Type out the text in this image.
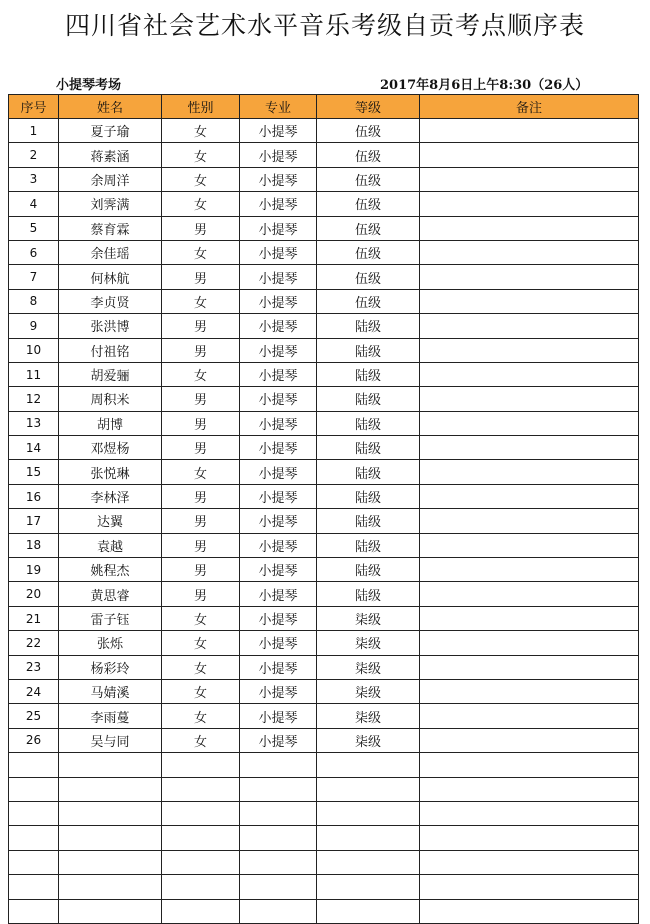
四川省社会艺术水平音乐考级自贡考点顺序表
小提琴考场	2017年8月6日上午8:30（26人）
序号	姓名	性别	专业	等级	备注
1	夏子瑜	女	小提琴	伍级	
2	蒋素涵	女	小提琴	伍级	
3	余周洋	女	小提琴	伍级	
4	刘霁满	女	小提琴	伍级	
5	蔡育霖	男	小提琴	伍级	
6	余佳瑶	女	小提琴	伍级	
7	何林航	男	小提琴	伍级	
8	李贞贤	女	小提琴	伍级	
9	张洪博	男	小提琴	陆级	
10	付祖铭	男	小提琴	陆级	
11	胡爱骊	女	小提琴	陆级	
12	周积米	男	小提琴	陆级	
13	胡博	男	小提琴	陆级	
14	邓煜杨	男	小提琴	陆级	
15	张悦琳	女	小提琴	陆级	
16	李林泽	男	小提琴	陆级	
17	达翼	男	小提琴	陆级	
18	袁越	男	小提琴	陆级	
19	姚程杰	男	小提琴	陆级	
20	黄思睿	男	小提琴	陆级	
21	雷子钰	女	小提琴	柒级	
22	张烁	女	小提琴	柒级	
23	杨彩玲	女	小提琴	柒级	
24	马婧溪	女	小提琴	柒级	
25	李雨蔓	女	小提琴	柒级	
26	吴与同	女	小提琴	柒级	
